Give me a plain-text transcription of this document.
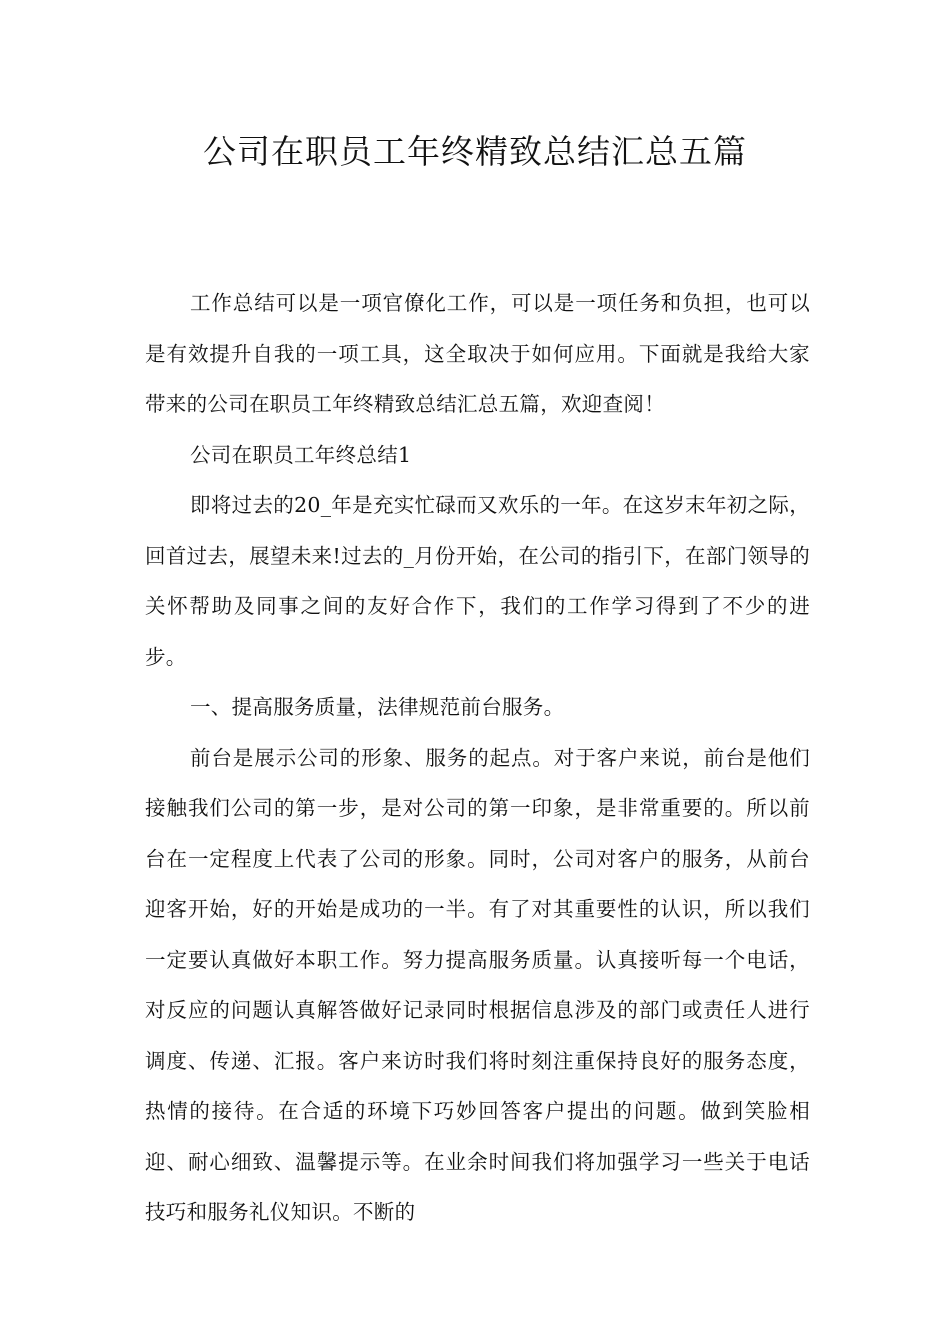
公司在职员工年终精致总结汇总五篇

工作总结可以是一项官僚化工作，可以是一项任务和负担，也可以是有效提升自我的一项工具，这全取决于如何应用。下面就是我给大家带来的公司在职员工年终精致总结汇总五篇，欢迎查阅！

公司在职员工年终总结1

即将过去的20_年是充实忙碌而又欢乐的一年。在这岁末年初之际，回首过去，展望未来!过去的_月份开始，在公司的指引下，在部门领导的关怀帮助及同事之间的友好合作下，我们的工作学习得到了不少的进步。

一、提高服务质量，法律规范前台服务。

前台是展示公司的形象、服务的起点。对于客户来说，前台是他们接触我们公司的第一步，是对公司的第一印象，是非常重要的。所以前台在一定程度上代表了公司的形象。同时，公司对客户的服务，从前台迎客开始，好的开始是成功的一半。有了对其重要性的认识，所以我们一定要认真做好本职工作。努力提高服务质量。认真接听每一个电话，对反应的问题认真解答做好记录同时根据信息涉及的部门或责任人进行调度、传递、汇报。客户来访时我们将时刻注重保持良好的服务态度，热情的接待。在合适的环境下巧妙回答客户提出的问题。做到笑脸相迎、耐心细致、温馨提示等。在业余时间我们将加强学习一些关于电话技巧和服务礼仪知识。不断的
